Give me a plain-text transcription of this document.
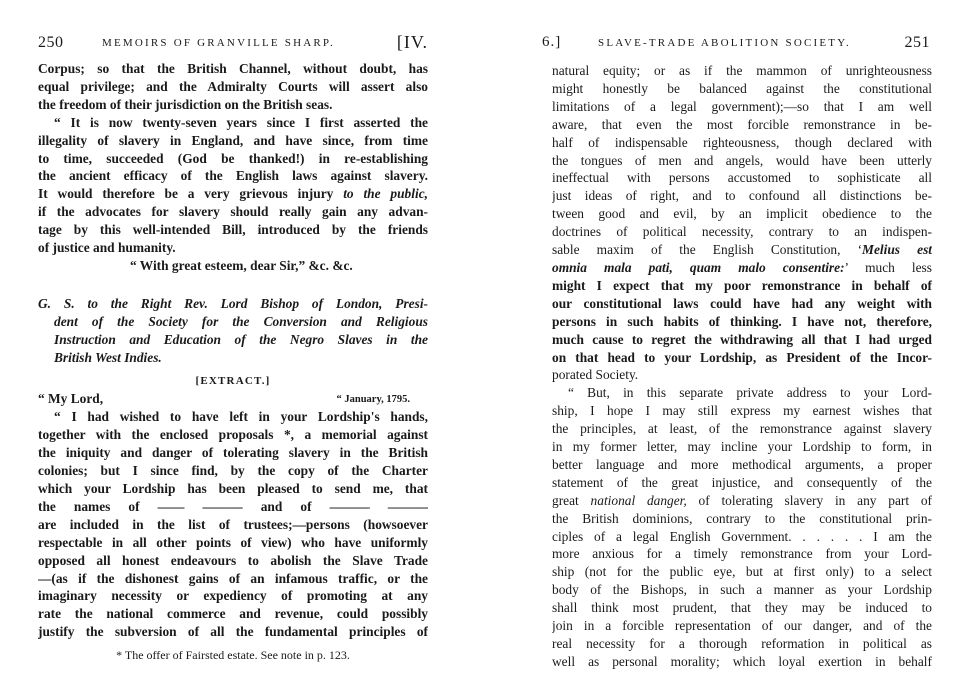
250	MEMOIRS OF GRANVILLE SHARP.	[IV.
Corpus; so that the British Channel, without doubt, has
equal privilege; and the Admiralty Courts will assert also
the freedom of their jurisdiction on the British seas.
“ It is now twenty-seven years since I first asserted the
illegality of slavery in England, and have since, from time
to time, succeeded (God be thanked!) in re-establishing
the ancient efficacy of the English laws against slavery.
It would therefore be a very grievous injury to the public,
if the advocates for slavery should really gain any advan-
tage by this well-intended Bill, introduced by the friends
of justice and humanity.
“ With great esteem, dear Sir,” &c. &c.
G. S. to the Right Rev. Lord Bishop of London, Presi-
dent of the Society for the Conversion and Religious
Instruction and Education of the Negro Slaves in the
British West Indies.
[EXTRACT.]
“ My Lord,	“ January, 1795.
“ I had wished to have left in your Lordship's hands,
together with the enclosed proposals *, a memorial against
the iniquity and danger of tolerating slavery in the British
colonies; but I since find, by the copy of the Charter
which your Lordship has been pleased to send me, that
the names of —— ——— and of ——— ———
are included in the list of trustees;—persons (howsoever
respectable in all other points of view) who have uniformly
opposed all honest endeavours to abolish the Slave Trade
—(as if the dishonest gains of an infamous traffic, or the
imaginary necessity or expediency of promoting at any
rate the national commerce and revenue, could possibly
justify the subversion of all the fundamental principles of
* The offer of Fairsted estate. See note in p. 123.
6.]	SLAVE-TRADE ABOLITION SOCIETY.	251
natural equity; or as if the mammon of unrighteousness
might honestly be balanced against the constitutional
limitations of a legal government);—so that I am well
aware, that even the most forcible remonstrance in be-
half of indispensable righteousness, though declared with
the tongues of men and angels, would have been utterly
ineffectual with persons accustomed to sophisticate all
just ideas of right, and to confound all distinctions be-
tween good and evil, by an implicit obedience to the
doctrines of political necessity, contrary to an indispen-
sable maxim of the English Constitution, ‘Melius est
omnia mala pati, quam malo consentire:’ much less
might I expect that my poor remonstrance in behalf of
our constitutional laws could have had any weight with
persons in such habits of thinking. I have not, therefore,
much cause to regret the withdrawing all that I had urged
on that head to your Lordship, as President of the Incor-
porated Society.
“ But, in this separate private address to your Lord-
ship, I hope I may still express my earnest wishes that
the principles, at least, of the remonstrance against slavery
in my former letter, may incline your Lordship to form, in
better language and more methodical arguments, a proper
statement of the great injustice, and consequently of the
great national danger, of tolerating slavery in any part of
the British dominions, contrary to the constitutional prin-
ciples of a legal English Government. . . . . . I am the
more anxious for a timely remonstrance from your Lord-
ship (not for the public eye, but at first only) to a select
body of the Bishops, in such a manner as your Lordship
shall think most prudent, that they may be induced to
join in a forcible representation of our danger, and of the
real necessity for a thorough reformation in political as
well as personal morality; which loyal exertion in behalf
